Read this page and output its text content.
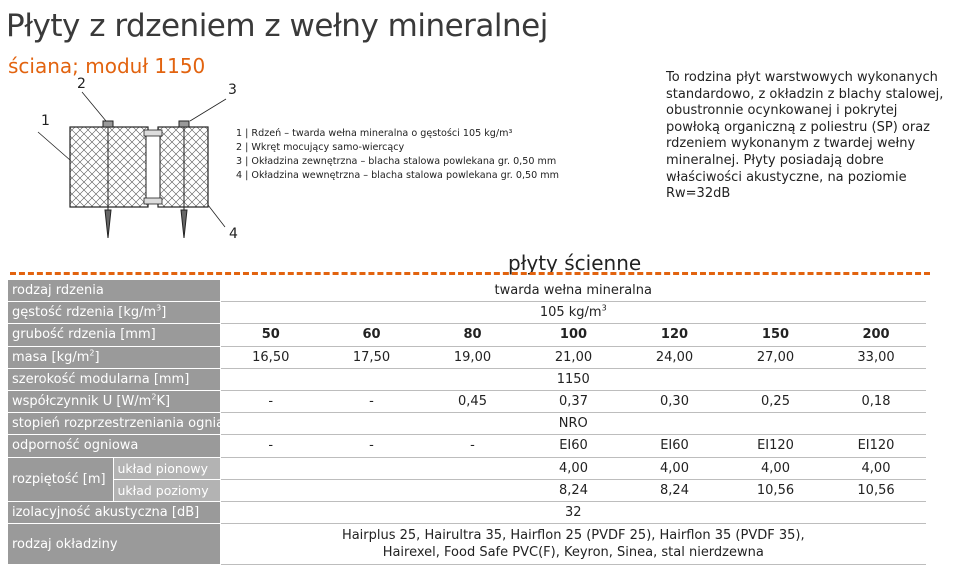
Płyty z rdzeniem z wełny mineralnej
ściana; moduł 1150	To rodzina płyt warstwowych wykonanych standardowo, z okładzin z blachy stalowej, obustronnie ocynkowanej i pokrytej powłoką organiczną z poliestru (SP) oraz rdzeniem wykonanym z twardej wełny mineralnej. Płyty posiadają dobre właściwości akustyczne, na poziomie Rw=32dB

1
2	3
4
1 | Rdzeń – twarda wełna mineralna o gęstości 105 kg/m³
2 | Wkręt mocujący samo-wiercący
3 | Okładzina zewnętrzna – blacha stalowa powlekana gr. 0,50 mm
4 | Okładzina wewnętrzna – blacha stalowa powlekana gr. 0,50 mm
płyty ścienne
rodzaj rdzenia		twarda wełna mineralna						
gęstość rdzenia $[kg/m^3]$		105 $kg/m^3$
grubość rdzenia [mm]		50	60	80	100	120	150	200
masa $[kg/m^2]$		16,50	17,50	19,00	21,00	24,00	27,00	33,00
szerokość modularna [mm]		1150						
współczynnik U $[W/m^2K]$		-	-	0,45	0,37	0,30	0,25	0,18
stopień rozprzestrzeniania ognia		NRO						
odporność ogniowa		-	-	-	EI60	EI60	EI120	EI120
rozpiętość [m]	układ pionowy				4,00	4,00	4,00	4,00
	układ poziomy				8,24	8,24	10,56	10,56
izolacyjność akustyczna [dB]		32						
rodzaj okładziny		Hairplus 25, Hairultra 35, Hairflon 25 (PVDF 25), Hairflon 35 (PVDF 35),
Hairexel, Food Safe PVC(F), Keyron, Sinea, stal nierdzewna						
